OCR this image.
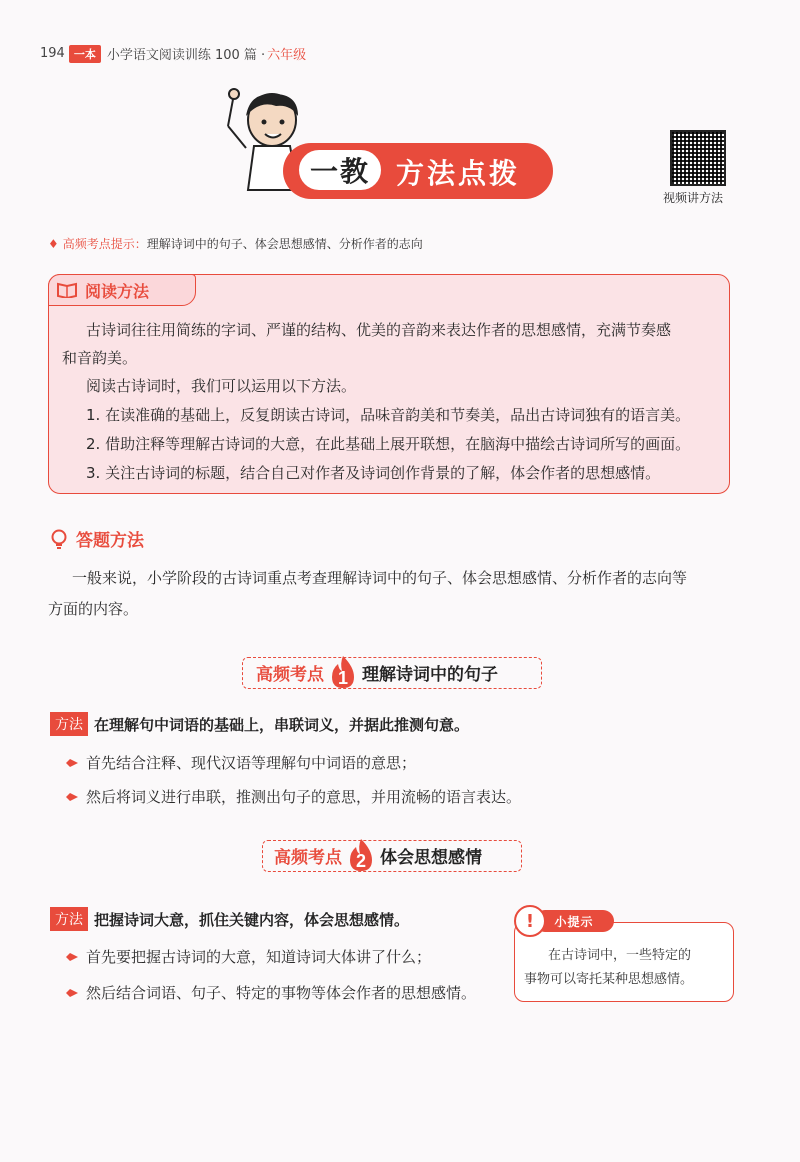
194 一本 小学语文阅读训练 100 篇 · 六年级
一教 方法点拨
视频讲方法
♦ 高频考点提示： 理解诗词中的句子、体会思想感情、分析作者的志向
阅读方法
古诗词往往用简练的字词、严谨的结构、优美的音韵来表达作者的思想感情，充满节奏感
和音韵美。
阅读古诗词时，我们可以运用以下方法。
1. 在读准确的基础上，反复朗读古诗词，品味音韵美和节奏美，品出古诗词独有的语言美。
2. 借助注释等理解古诗词的大意，在此基础上展开联想，在脑海中描绘古诗词所写的画面。
3. 关注古诗词的标题，结合自己对作者及诗词创作背景的了解，体会作者的思想感情。
答题方法
一般来说，小学阶段的古诗词重点考查理解诗词中的句子、体会思想感情、分析作者的志向等
方面的内容。
高频考点 1 理解诗词中的句子
方法 在理解句中词语的基础上，串联词义，并据此推测句意。
首先结合注释、现代汉语等理解句中词语的意思；
然后将词义进行串联，推测出句子的意思，并用流畅的语言表达。
高频考点 2 体会思想感情
方法 把握诗词大意，抓住关键内容，体会思想感情。
首先要把握古诗词的大意，知道诗词大体讲了什么；
然后结合词语、句子、特定的事物等体会作者的思想感情。
小提示
!
在古诗词中，一些特定的
事物可以寄托某种思想感情。
